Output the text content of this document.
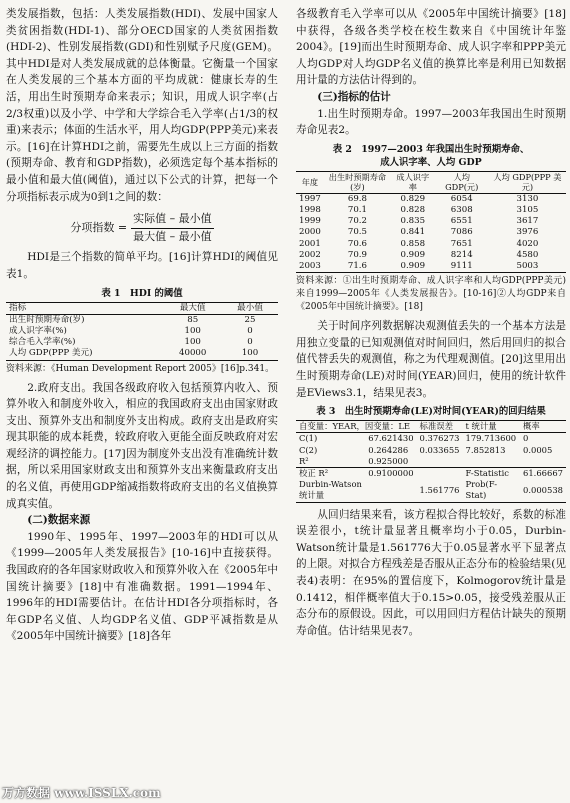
类发展指数，包括：人类发展指数(HDI)、发展中国家人类贫困指数(HDI-1)、部分OECD国家的人类贫困指数(HDI-2)、性别发展指数(GDI)和性别赋予尺度(GEM)。其中HDI是对人类发展成就的总体衡量。它衡量一个国家在人类发展的三个基本方面的平均成就：健康长寿的生活，用出生时预期寿命来表示；知识，用成人识字率(占2/3权重)以及小学、中学和大学综合毛入学率(占1/3的权重)来表示；体面的生活水平，用人均GDP(PPP美元)来表示。[16]在计算HDI之前，需要先生成以上三方面的指数(预期寿命、教育和GDP指数)，必须选定每个基本指标的最小值和最大值(阈值)，通过以下公式的计算，把每一个分项指标表示成为0到1之间的数：

分项指数 = $\frac{\text{实际值 – 最小值}}{\text{最大值 – 最小值}}$

HDI是三个指数的简单平均。[16]计算HDI的阈值见表1。

表 1　HDI 的阈值
指标	最大值	最小值
出生时预期寿命(岁)	85	25
成人识字率(%)	100	0
综合毛入学率(%)	100	0
人均 GDP(PPP 美元)	40000	100
资料来源：《Human Development Report 2005》[16]p.341。

2.政府支出。我国各级政府收入包括预算内收入、预算外收入和制度外收入，相应的我国政府支出由国家财政支出、预算外支出和制度外支出构成。政府支出是政府实现其职能的成本耗费，较政府收入更能全面反映政府对宏观经济的调控能力。[17]因为制度外支出没有准确统计数据，所以采用国家财政支出和预算外支出来衡量政府支出的名义值，再使用GDP缩减指数将政府支出的名义值换算成真实值。

(二)数据来源

1990年、1995年、1997—2003年的HDI可以从《1999—2005年人类发展报告》[10-16]中直接获得。我国政府的各年国家财政收入和预算外收入在《2005年中国统计摘要》[18]中有准确数据。1991—1994年、1996年的HDI需要估计。在估计HDI各分项指标时，各年GDP名义值、人均GDP名义值、GDP平减指数是从《2005年中国统计摘要》[18]各年

各级教育毛入学率可以从《2005年中国统计摘要》[18]中获得，各级各类学校在校生数来自《中国统计年鉴2004》。[19]而出生时预期寿命、成人识字率和PPP美元人均GDP对人均GDP名义值的换算比率是利用已知数据用计量的方法估计得到的。

(三)指标的估计

1.出生时预期寿命。1997—2003年我国出生时预期寿命见表2。

表 2　1997—2003 年我国出生时预期寿命、
成人识字率、人均 GDP
年度	出生时预期寿命(岁)	成人识字率	人均 GDP(元)	人均 GDP(PPP 美元)
1997	69.8	0.829	6054	3130
1998	70.1	0.828	6308	3105
1999	70.2	0.835	6551	3617
2000	70.5	0.841	7086	3976
2001	70.6	0.858	7651	4020
2002	70.9	0.909	8214	4580
2003	71.6	0.909	9111	5003
资料来源：①出生时预期寿命、成人识字率和人均GDP(PPP美元)来自1999—2005年《人类发展报告》。[10-16]②人均GDP来自《2005年中国统计摘要》。[18]

关于时间序列数据解决观测值丢失的一个基本方法是用独立变量的已知观测值对时间回归，然后用回归的拟合值代替丢失的观测值，称之为代理观测值。[20]这里用出生时预期寿命(LE)对时间(YEAR)回归，使用的统计软件是EViews3.1，结果见表3。

表 3　出生时预期寿命(LE)对时间(YEAR)的回归结果
自变量：YEAR，因变量：LE		标准误差	t 统计量	概率
C(1)	67.621430	0.376273	179.713600	0
C(2)	0.264286	0.033655	7.852813	0.0005
R²	0.925000			
校正 R²	0.9100000		F-Statistic	61.66667
Durbin-Watson 统计量		1.561776	Prob(F-Stat)	0.000538

从回归结果来看，该方程拟合得比较好，系数的标准误差很小，t统计量显著且概率均小于0.05，Durbin-Watson统计量是1.561776大于0.05显著水平下显著点的上限。对拟合方程残差是否服从正态分布的检验结果(见表4)表明：在95%的置信度下，Kolmogorov统计量是0.1412，相伴概率值大于0.15>0.05，接受残差服从正态分布的原假设。因此，可以用回归方程估计缺失的预期寿命值。估计结果见表7。

万方数据 www.ISSLX.com
